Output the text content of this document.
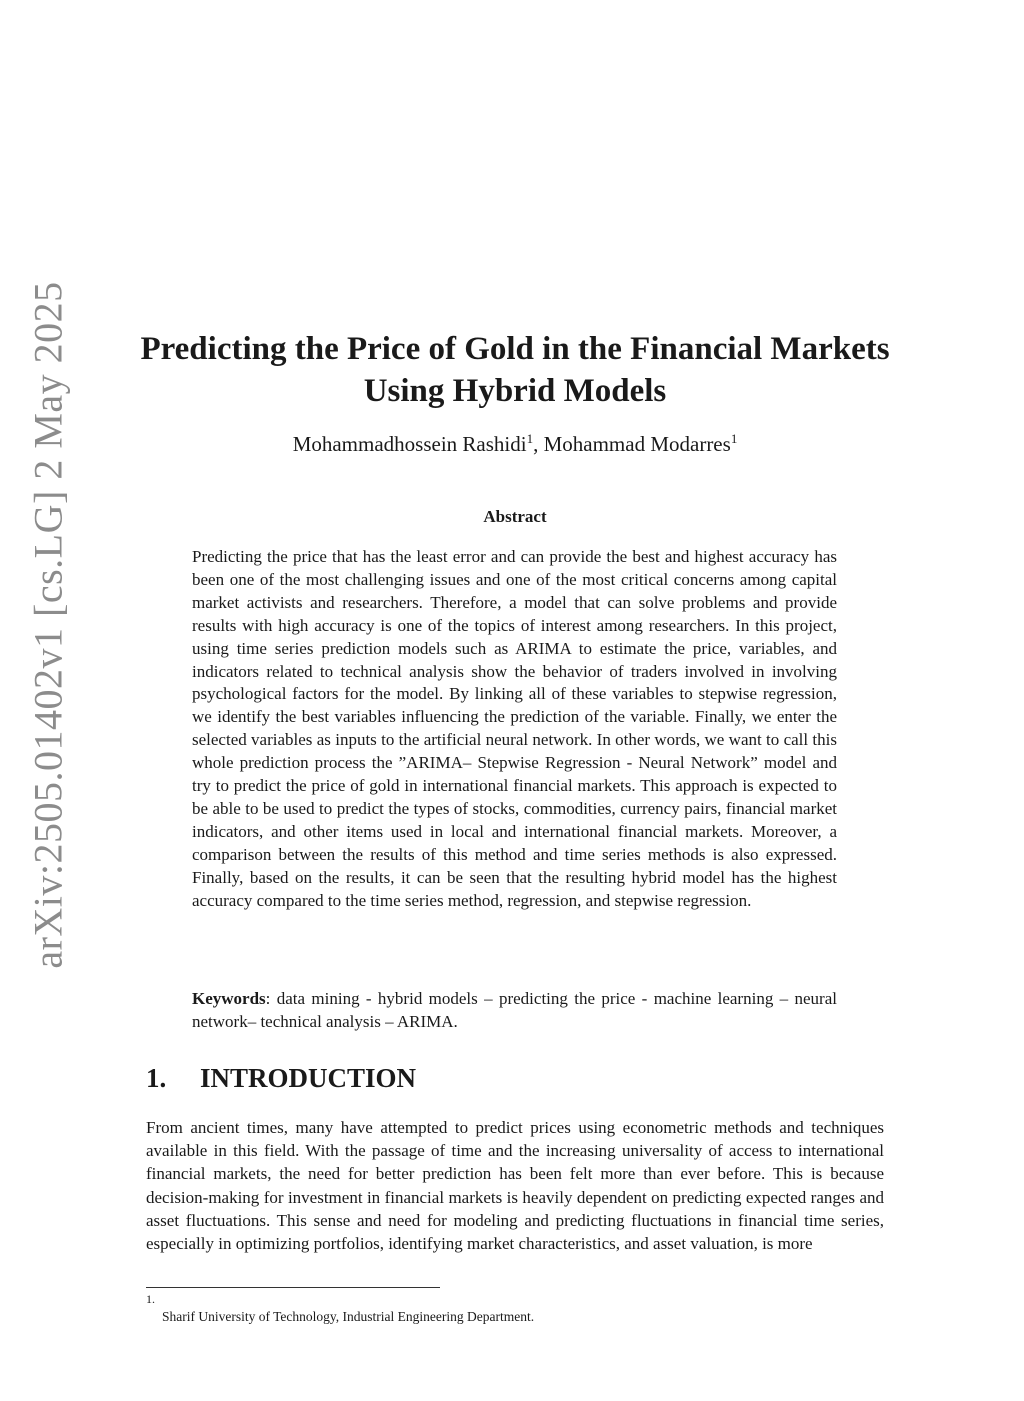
arXiv:2505.01402v1 [cs.LG] 2 May 2025	Predicting the Price of Gold in the Financial Markets Using Hybrid Models
Mohammadhossein Rashidi$^1$, Mohammad Modarres$^1$
Abstract

Predicting the price that has the least error and can provide the best and highest accuracy has been one of the most challenging issues and one of the most critical concerns among capital market activists and researchers. Therefore, a model that can solve problems and provide results with high accuracy is one of the topics of interest among researchers. In this project, using time series prediction models such as ARIMA to estimate the price, variables, and indicators related to technical analysis show the behavior of traders involved in involving psychological factors for the model. By linking all of these variables to stepwise regression, we identify the best variables influencing the prediction of the variable. Finally, we enter the selected variables as inputs to the artificial neural network. In other words, we want to call this whole prediction process the ”ARIMA– Stepwise Regression - Neural Network” model and try to predict the price of gold in international financial markets. This approach is expected to be able to be used to predict the types of stocks, commodities, currency pairs, financial market indicators, and other items used in local and international financial markets. Moreover, a comparison between the results of this method and time series methods is also expressed. Finally, based on the results, it can be seen that the resulting hybrid model has the highest accuracy compared to the time series method, regression, and stepwise regression.

Keywords: data mining - hybrid models – predicting the price - machine learning – neural network– technical analysis – ARIMA.

1. INTRODUCTION

From ancient times, many have attempted to predict prices using econometric methods and techniques available in this field. With the passage of time and the increasing universality of access to international financial markets, the need for better prediction has been felt more than ever before. This is because decision-making for investment in financial markets is heavily dependent on predicting expected ranges and asset fluctuations. This sense and need for modeling and predicting fluctuations in financial time series, especially in optimizing portfolios, identifying market characteristics, and asset valuation, is more

1.
Sharif University of Technology, Industrial Engineering Department.
